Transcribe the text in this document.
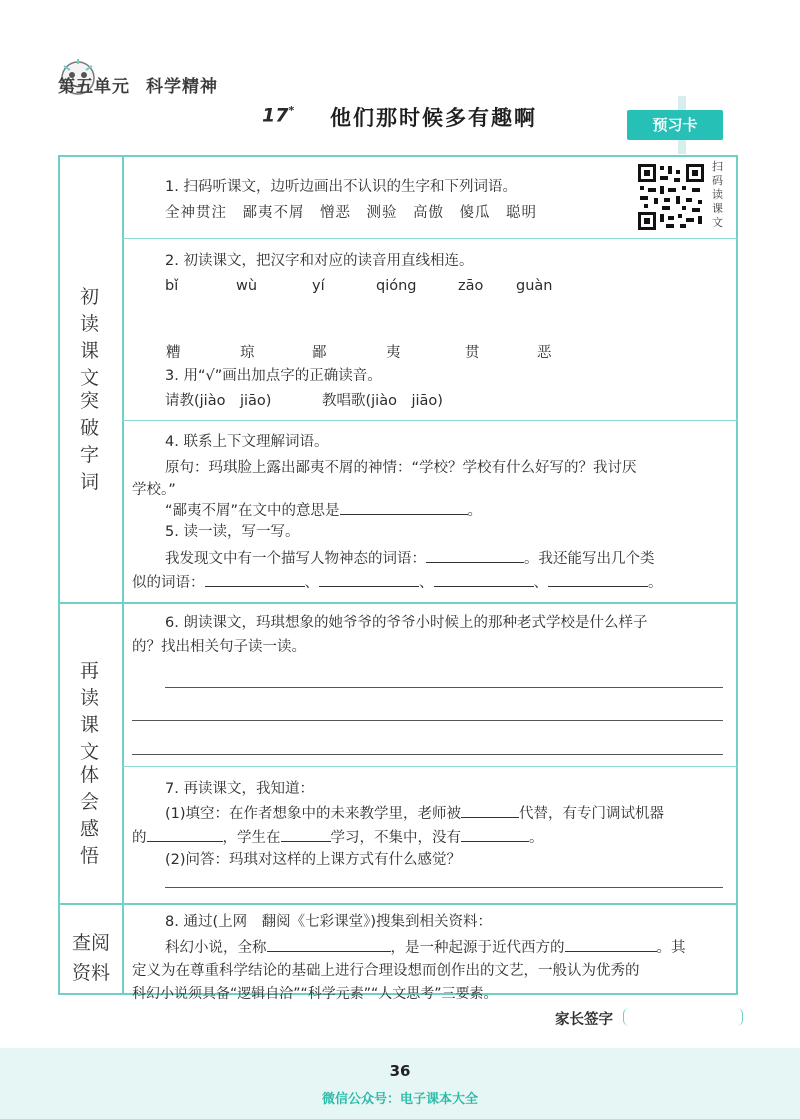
第五单元 科学精神
17* 他们那时候多有趣啊	预习卡
扫码读课文
初读课文
突破字词
再读课文
体会感悟
查阅资料
1. 扫码听课文，边听边画出不认识的生字和下列词语。
全神贯注　鄙夷不屑　憎恶　测验　高傲　傻瓜　聪明
2. 初读课文，把汉字和对应的读音用直线相连。
bǐ	wù	yí	qióng	zāo guàn
糟	琼	鄙	夷	贯	恶
3. 用“√”画出加点字的正确读音。
请教(jiào　jiāo)	教唱歌(jiào　jiāo)
4. 联系上下文理解词语。
原句：玛琪脸上露出鄙夷不屑的神情：“学校？学校有什么好写的？我讨厌
学校。”
“鄙夷不屑”在文中的意思是	。
5. 读一读，写一写。
我发现文中有一个描写人物神态的词语：	。我还能写出几个类
似的词语：	、	、	、	。
6. 朗读课文，玛琪想象的她爷爷的爷爷小时候上的那种老式学校是什么样子
的？找出相关句子读一读。
7. 再读课文，我知道：
(1)填空：在作者想象中的未来教学里，老师被	代替，有专门调试机器
的	，学生在	学习，不集中，没有	。
(2)问答：玛琪对这样的上课方式有什么感觉？
8. 通过(上网　翻阅《七彩课堂》)搜集到相关资料：
科幻小说，全称	，是一种起源于近代西方的	。其
定义为在尊重科学结论的基础上进行合理设想而创作出的文艺，一般认为优秀的
科幻小说须具备“逻辑自洽”“科学元素”“人文思考”三要素。
家长签字
36
微信公众号：电子课本大全
